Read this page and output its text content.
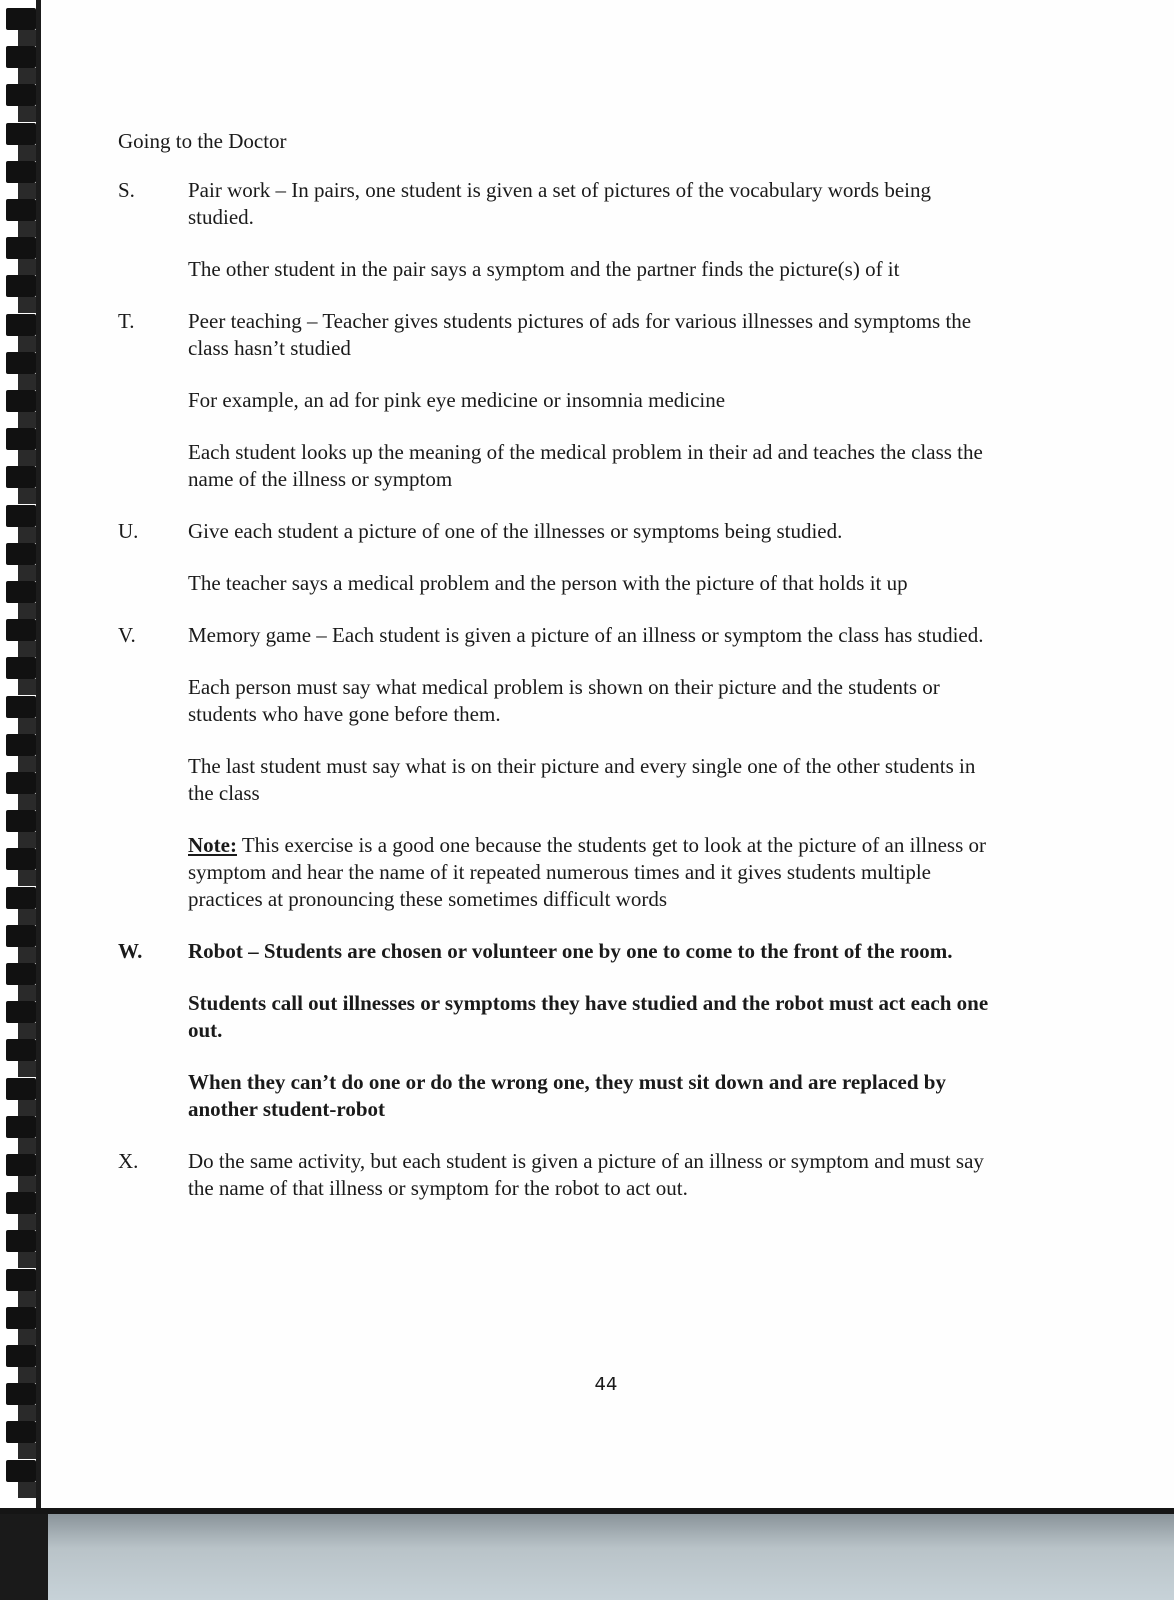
Going to the Doctor
S.	Pair work – In pairs, one student is given a set of pictures of the vocabulary words being studied.

The other student in the pair says a symptom and the partner finds the picture(s) of it

T.	Peer teaching – Teacher gives students pictures of ads for various illnesses and symptoms the class hasn’t studied

For example, an ad for pink eye medicine or insomnia medicine

Each student looks up the meaning of the medical problem in their ad and teaches the class the name of the illness or symptom

U.	Give each student a picture of one of the illnesses or symptoms being studied.

The teacher says a medical problem and the person with the picture of that holds it up

V.	Memory game – Each student is given a picture of an illness or symptom the class has studied.

Each person must say what medical problem is shown on their picture and the students or students who have gone before them.

The last student must say what is on their picture and every single one of the other students in the class

Note: This exercise is a good one because the students get to look at the picture of an illness or symptom and hear the name of it repeated numerous times and it gives students multiple practices at pronouncing these sometimes difficult words

W.	Robot – Students are chosen or volunteer one by one to come to the front of the room.

Students call out illnesses or symptoms they have studied and the robot must act each one out.

When they can’t do one or do the wrong one, they must sit down and are replaced by another student-robot

X.	Do the same activity, but each student is given a picture of an illness or symptom and must say the name of that illness or symptom for the robot to act out.

44
